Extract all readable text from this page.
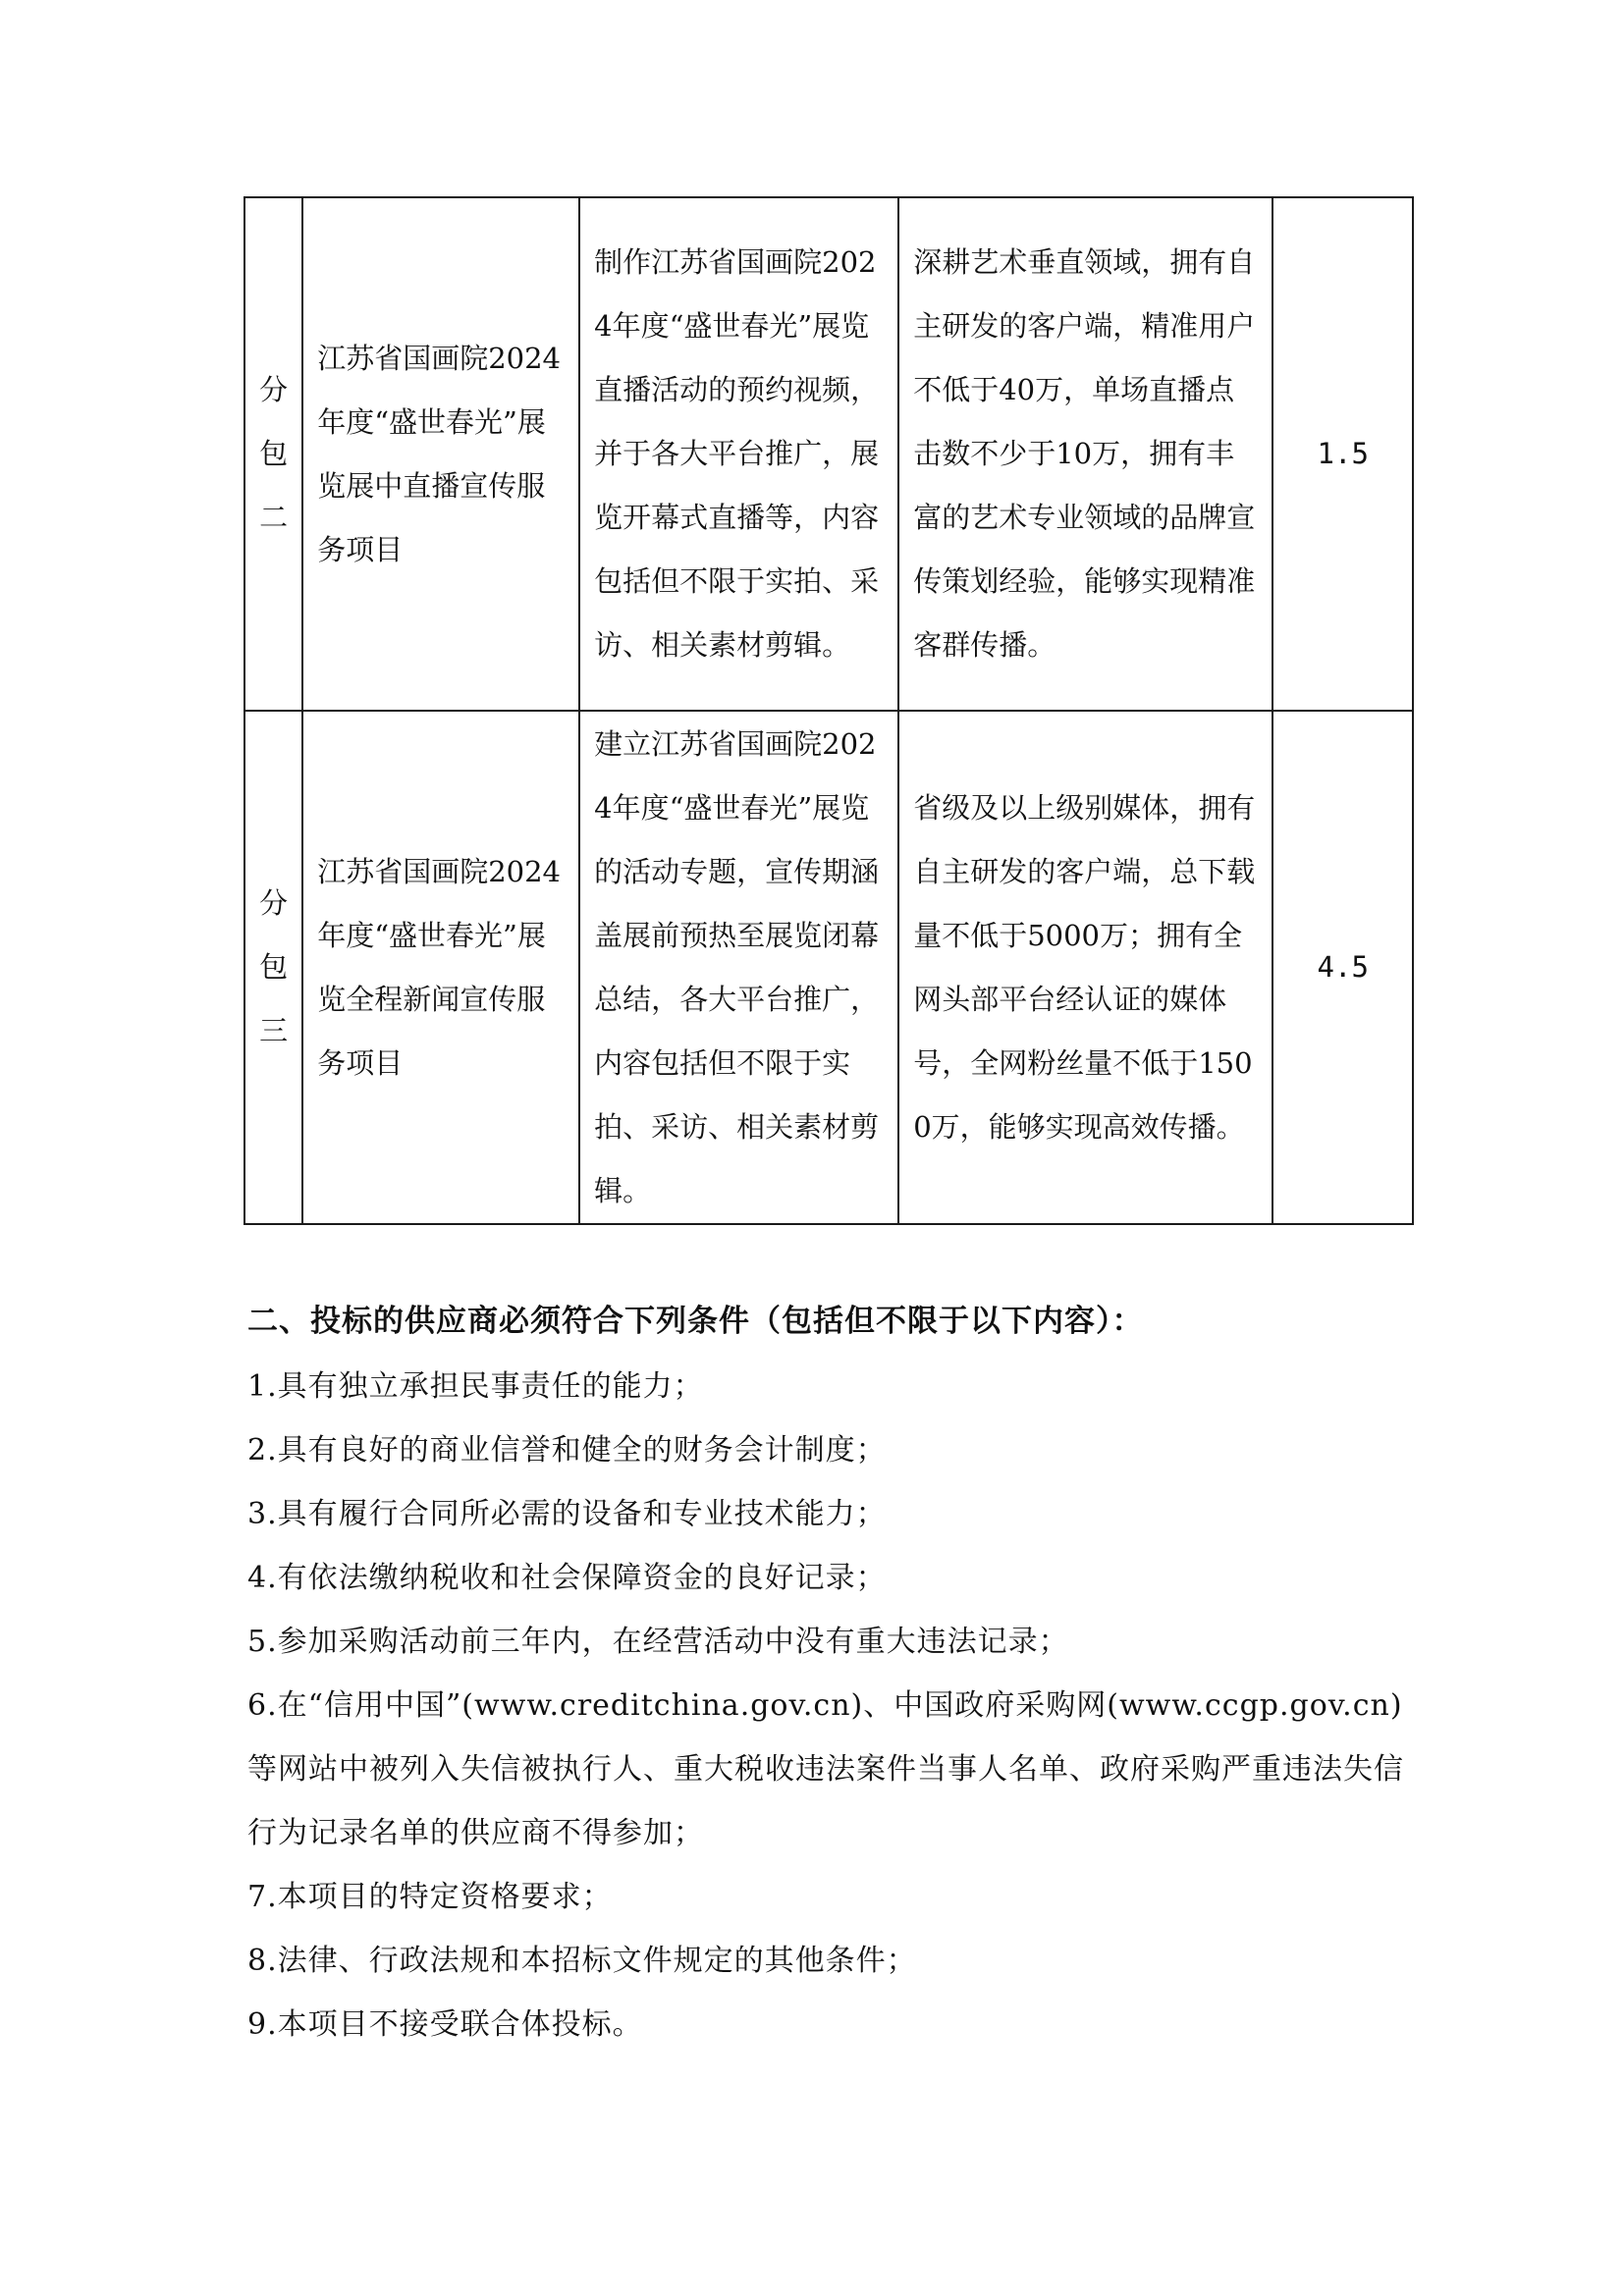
分包二	江苏省国画院2024年度“盛世春光”展览展中直播宣传服务项目	制作江苏省国画院2024年度“盛世春光”展览直播活动的预约视频，并于各大平台推广，展览开幕式直播等，内容包括但不限于实拍、采访、相关素材剪辑。	深耕艺术垂直领域，拥有自主研发的客户端，精准用户不低于40万，单场直播点击数不少于10万，拥有丰富的艺术专业领域的品牌宣传策划经验，能够实现精准客群传播。	1.5

分包三	江苏省国画院2024年度“盛世春光”展览全程新闻宣传服务项目	建立江苏省国画院2024年度“盛世春光”展览的活动专题，宣传期涵盖展前预热至展览闭幕总结，各大平台推广，内容包括但不限于实拍、采访、相关素材剪辑。	省级及以上级别媒体，拥有自主研发的客户端，总下载量不低于5000万；拥有全网头部平台经认证的媒体号，全网粉丝量不低于1500万，能够实现高效传播。	4.5
二、投标的供应商必须符合下列条件（包括但不限于以下内容）：
1.具有独立承担民事责任的能力；
2.具有良好的商业信誉和健全的财务会计制度；
3.具有履行合同所必需的设备和专业技术能力；
4.有依法缴纳税收和社会保障资金的良好记录；
5.参加采购活动前三年内，在经营活动中没有重大违法记录；
6.在“信用中国”(www.creditchina.gov.cn)、中国政府采购网(www.ccgp.gov.cn)等网站中被列入失信被执行人、重大税收违法案件当事人名单、政府采购严重违法失信行为记录名单的供应商不得参加；
7.本项目的特定资格要求；
8.法律、行政法规和本招标文件规定的其他条件；
9.本项目不接受联合体投标。
